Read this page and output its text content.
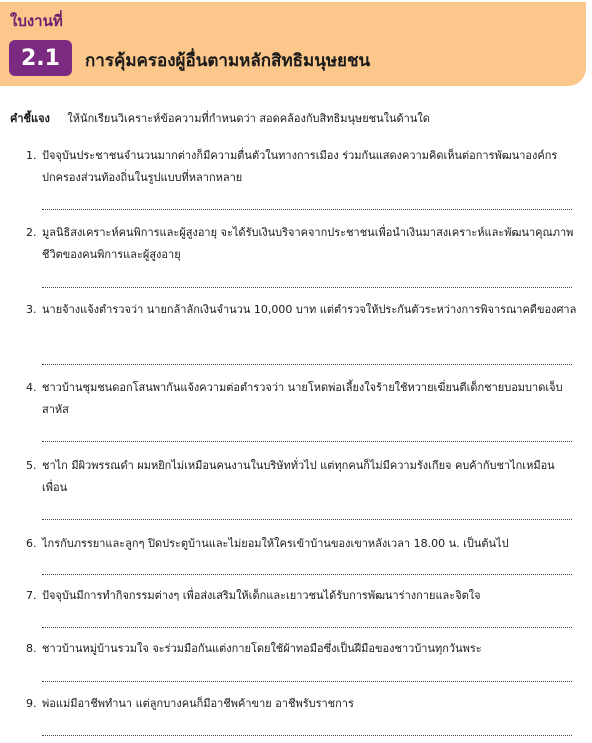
ใบงานที่
2.1	การคุ้มครองผู้อื่นตามหลักสิทธิมนุษยชน
คำชี้แจง ให้นักเรียนวิเคราะห์ข้อความที่กำหนดว่า สอดคล้องกับสิทธิมนุษยชนในด้านใด
1. ปัจจุบันประชาชนจำนวนมากต่างก็มีความตื่นตัวในทางการเมือง ร่วมกันแสดงความคิดเห็นต่อการพัฒนาองค์กรปกครองส่วนท้องถิ่นในรูปแบบที่หลากหลาย
2. มูลนิธิสงเคราะห์คนพิการและผู้สูงอายุ จะได้รับเงินบริจาคจากประชาชนเพื่อนำเงินมาสงเคราะห์และพัฒนาคุณภาพชีวิตของคนพิการและผู้สูงอายุ
3. นายจ้างแจ้งตำรวจว่า นายกล้าลักเงินจำนวน 10,000 บาท แต่ตำรวจให้ประกันตัวระหว่างการพิจารณาคดีของศาล
4. ชาวบ้านชุมชนดอกโสนพากันแจ้งความต่อตำรวจว่า นายโหดพ่อเลี้ยงใจร้ายใช้หวายเฆี่ยนตีเด็กชายบอมบาดเจ็บสาหัส
5. ชาไก มีผิวพรรณดำ ผมหยิกไม่เหมือนคนงานในบริษัททั่วไป แต่ทุกคนก็ไม่มีความรังเกียจ คบค้ากับชาไกเหมือนเพื่อน
6. ไกรกับภรรยาและลูกๆ ปิดประตูบ้านและไม่ยอมให้ใครเข้าบ้านของเขาหลังเวลา 18.00 น. เป็นต้นไป
7. ปัจจุบันมีการทำกิจกรรมต่างๆ เพื่อส่งเสริมให้เด็กและเยาวชนได้รับการพัฒนาร่างกายและจิตใจ
8. ชาวบ้านหมู่บ้านรวมใจ จะร่วมมือกันแต่งกายโดยใช้ผ้าทอมือซึ่งเป็นฝีมือของชาวบ้านทุกวันพระ
9. พ่อแม่มีอาชีพทำนา แต่ลูกบางคนก็มีอาชีพค้าขาย อาชีพรับราชการ
